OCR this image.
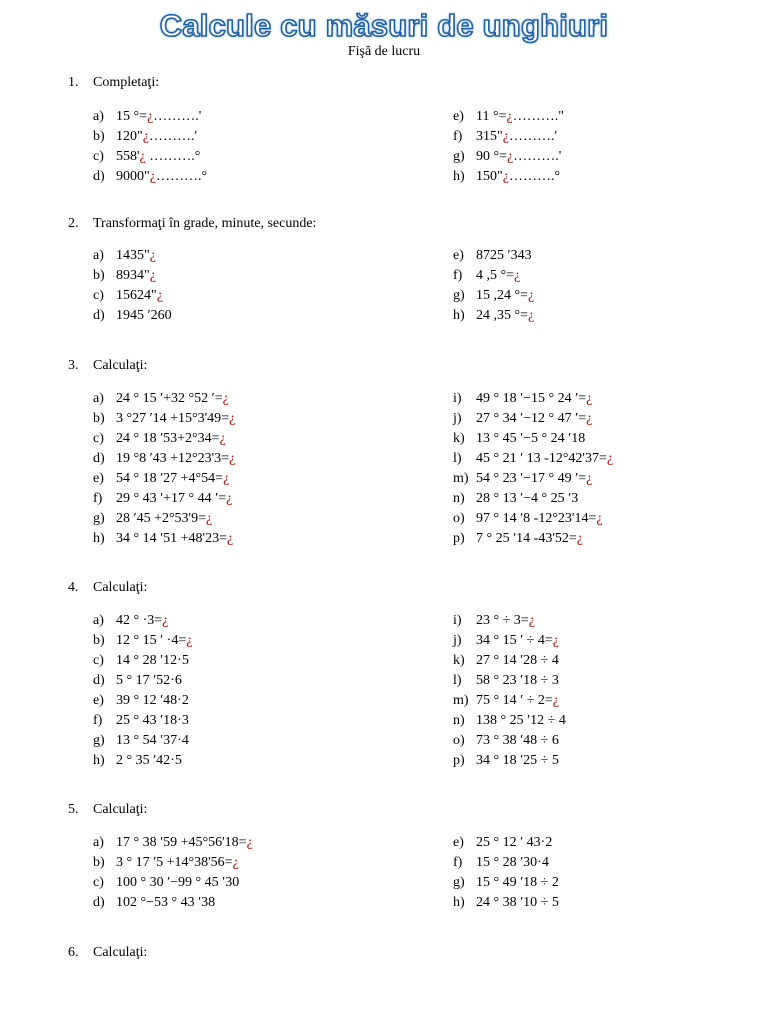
Calcule cu măsuri de unghiuri
Fişă de lucru
1. Completaţi:
a) 15 °=¿……….'
b) 120"¿……….'
c) 558'¿ ……….°
d) 9000"¿……….°
e) 11 °=¿………."
f) 315"¿……….'
g) 90 °=¿……….'
h) 150"¿……….°
2. Transformaţi în grade, minute, secunde:
a) 1435"¿
b) 8934"¿
c) 15624"¿
d) 1945 ′260
e) 8725 ′343
f) 4 ,5 °=¿
g) 15 ,24 °=¿
h) 24 ,35 °=¿
3. Calculaţi:
a) 24 ° 15 ′+32 °52 ′=¿
b) 3 °27 ′14 +15°3'49=¿
c) 24 ° 18 ′53+2°34=¿
d) 19 °8 ′43 +12°23'3=¿
e) 54 ° 18 ′27 +4°54=¿
f) 29 ° 43 ′+17 ° 44 ′=¿
g) 28 ′45 +2°53'9=¿
h) 34 ° 14 ′51 +48'23=¿
i) 49 ° 18 ′−15 ° 24 ′=¿
j) 27 ° 34 ′−12 ° 47 ′=¿
k) 13 ° 45 ′−5 ° 24 ′18
l) 45 ° 21 ′ 13 -12°42'37=¿
m) 54 ° 23 ′−17 ° 49 ′=¿
n) 28 ° 13 ′−4 ° 25 ′3
o) 97 ° 14 ′8 -12°23'14=¿
p) 7 ° 25 ′14 -43'52=¿
4. Calculaţi:
a) 42 ° ·3=¿
b) 12 ° 15 ′ ·4=¿
c) 14 ° 28 ′12·5
d) 5 ° 17 ′52·6
e) 39 ° 12 ′48·2
f) 25 ° 43 ′18·3
g) 13 ° 54 ′37·4
h) 2 ° 35 ′42·5
i) 23 ° ÷ 3=¿
j) 34 ° 15 ′ ÷ 4=¿
k) 27 ° 14 ′28 ÷ 4
l) 58 ° 23 ′18 ÷ 3
m) 75 ° 14 ′ ÷ 2=¿
n) 138 ° 25 ′12 ÷ 4
o) 73 ° 38 ′48 ÷ 6
p) 34 ° 18 ′25 ÷ 5
5. Calculaţi:
a) 17 ° 38 ′59 +45°56'18=¿
b) 3 ° 17 ′5 +14°38'56=¿
c) 100 ° 30 ′−99 ° 45 ′30
d) 102 °−53 ° 43 ′38
e) 25 ° 12 ′ 43·2
f) 15 ° 28 ′30·4
g) 15 ° 49 ′18 ÷ 2
h) 24 ° 38 ′10 ÷ 5
6. Calculaţi:
